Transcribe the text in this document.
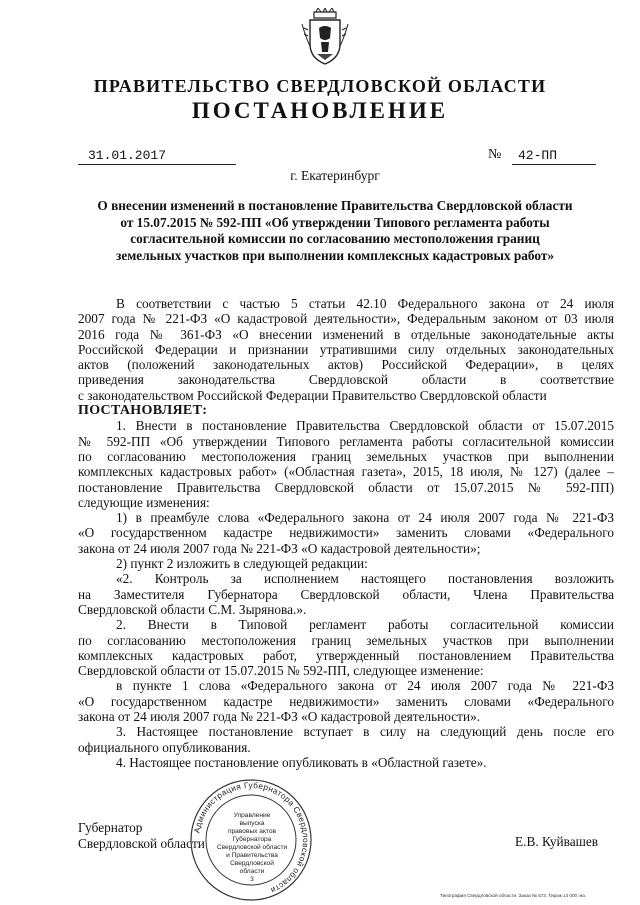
ПРАВИТЕЛЬСТВО СВЕРДЛОВСКОЙ ОБЛАСТИ
ПОСТАНОВЛЕНИЕ
31.01.2017	№	42-ПП
г. Екатеринбург
О внесении изменений в постановление Правительства Свердловской области
от 15.07.2015 № 592-ПП «Об утверждении Типового регламента работы
согласительной комиссии по согласованию местоположения границ
земельных участков при выполнении комплексных кадастровых работ»
В соответствии с частью 5 статьи 42.10 Федерального закона от 24 июля
2007 года № 221-ФЗ «О кадастровой деятельности», Федеральным законом от 03 июля
2016 года № 361-ФЗ «О внесении изменений в отдельные законодательные акты
Российской Федерации и признании утратившими силу отдельных законодательных
актов (положений законодательных актов) Российской Федерации», в целях
приведения законодательства Свердловской области в соответствие
с законодательством Российской Федерации Правительство Свердловской области
ПОСТАНОВЛЯЕТ:
1. Внести в постановление Правительства Свердловской области от 15.07.2015
№ 592-ПП «Об утверждении Типового регламента работы согласительной комиссии
по согласованию местоположения границ земельных участков при выполнении
комплексных кадастровых работ» («Областная газета», 2015, 18 июля, № 127) (далее –
постановление Правительства Свердловской области от 15.07.2015 № 592-ПП)
следующие изменения:
1) в преамбуле слова «Федерального закона от 24 июля 2007 года № 221-ФЗ
«О государственном кадастре недвижимости» заменить словами «Федерального
закона от 24 июля 2007 года № 221-ФЗ «О кадастровой деятельности»;
2) пункт 2 изложить в следующей редакции:
«2. Контроль за исполнением настоящего постановления возложить
на Заместителя Губернатора Свердловской области, Члена Правительства
Свердловской области С.М. Зырянова.».
2. Внести в Типовой регламент работы согласительной комиссии
по согласованию местоположения границ земельных участков при выполнении
комплексных кадастровых работ, утвержденный постановлением Правительства
Свердловской области от 15.07.2015 № 592-ПП, следующее изменение:
в пункте 1 слова «Федерального закона от 24 июля 2007 года № 221-ФЗ
«О государственном кадастре недвижимости» заменить словами «Федерального
закона от 24 июля 2007 года № 221-ФЗ «О кадастровой деятельности».
3. Настоящее постановление вступает в силу на следующий день после его
официального опубликования.
4. Настоящее постановление опубликовать в «Областной газете».
Губернатор
Свердловской области	Е.В. Куйвашев
Администрация Губернатора Свердловской области
Управление
выпуска
правовых актов
Губернатора
Свердловской области
и Правительства
Свердловской
области
3
Типография Свердловской области. Заказ № 573. Тираж 14 000 экз.
